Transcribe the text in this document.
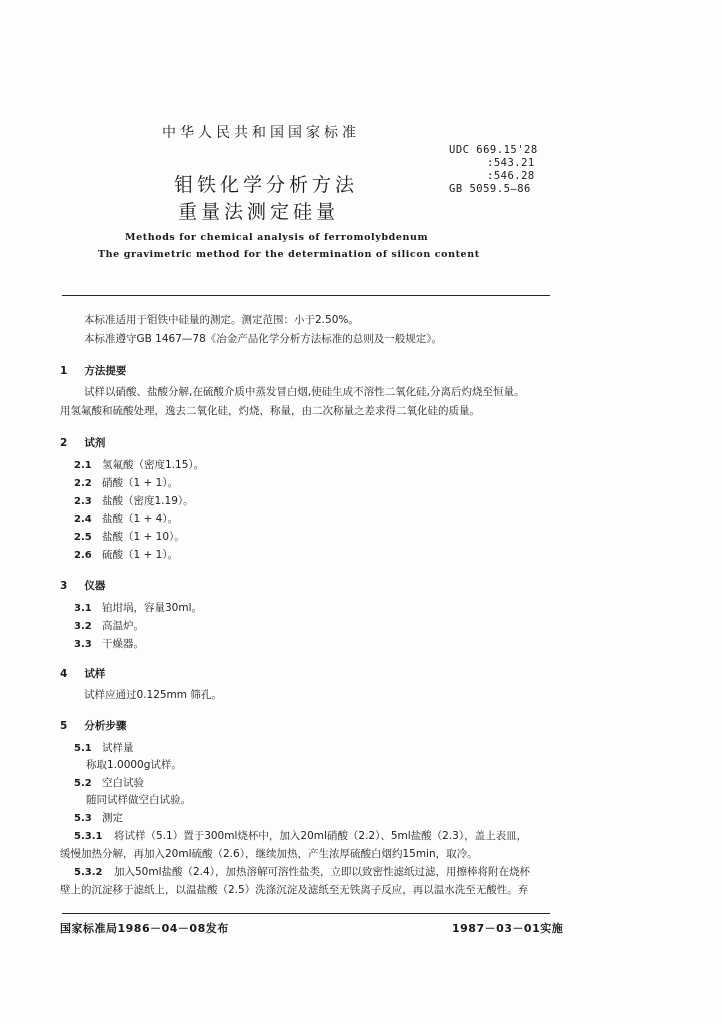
中华人民共和国国家标准
UDC 669.15'28
:543.21
:546.28
GB 5059.5—86
钼铁化学分析方法
重量法测定硅量
Methods for chemical analysis of ferromolybdenum
The gravimetric method for the determination of silicon content
本标准适用于钼铁中硅量的测定。测定范围：小于2.50%。
本标准遵守GB 1467—78《冶金产品化学分析方法标准的总则及一般规定》。
1 方法提要
试样以硝酸、盐酸分解,在硫酸介质中蒸发冒白烟,使硅生成不溶性二氧化硅,分离后灼烧至恒量。
用氢氟酸和硫酸处理，逸去二氧化硅，灼烧，称量，由二次称量之差求得二氧化硅的质量。
2 试剂
2.1 氢氟酸（密度1.15）。
2.2 硝酸（1 + 1）。
2.3 盐酸（密度1.19）。
2.4 盐酸（1 + 4）。
2.5 盐酸（1 + 10）。
2.6 硫酸（1 + 1）。
3 仪器
3.1 铂坩埚，容量30ml。
3.2 高温炉。
3.3 干燥器。
4 试样
试样应通过0.125mm 筛孔。
5 分析步骤
5.1 试样量
称取1.0000g试样。
5.2 空白试验
随同试样做空白试验。
5.3 测定
5.3.1 将试样（5.1）置于300ml烧杯中，加入20ml硝酸（2.2）、5ml盐酸（2.3），盖上表皿，
缓慢加热分解，再加入20ml硫酸（2.6），继续加热，产生浓厚硫酸白烟约15min，取冷。
5.3.2 加入50ml盐酸（2.4），加热溶解可溶性盐类，立即以致密性滤纸过滤，用擦棒将附在烧杯
壁上的沉淀移于滤纸上，以温盐酸（2.5）洗涤沉淀及滤纸至无铁离子反应，再以温水洗至无酸性。弃
国家标准局1986－04－08发布	1987－03－01实施
